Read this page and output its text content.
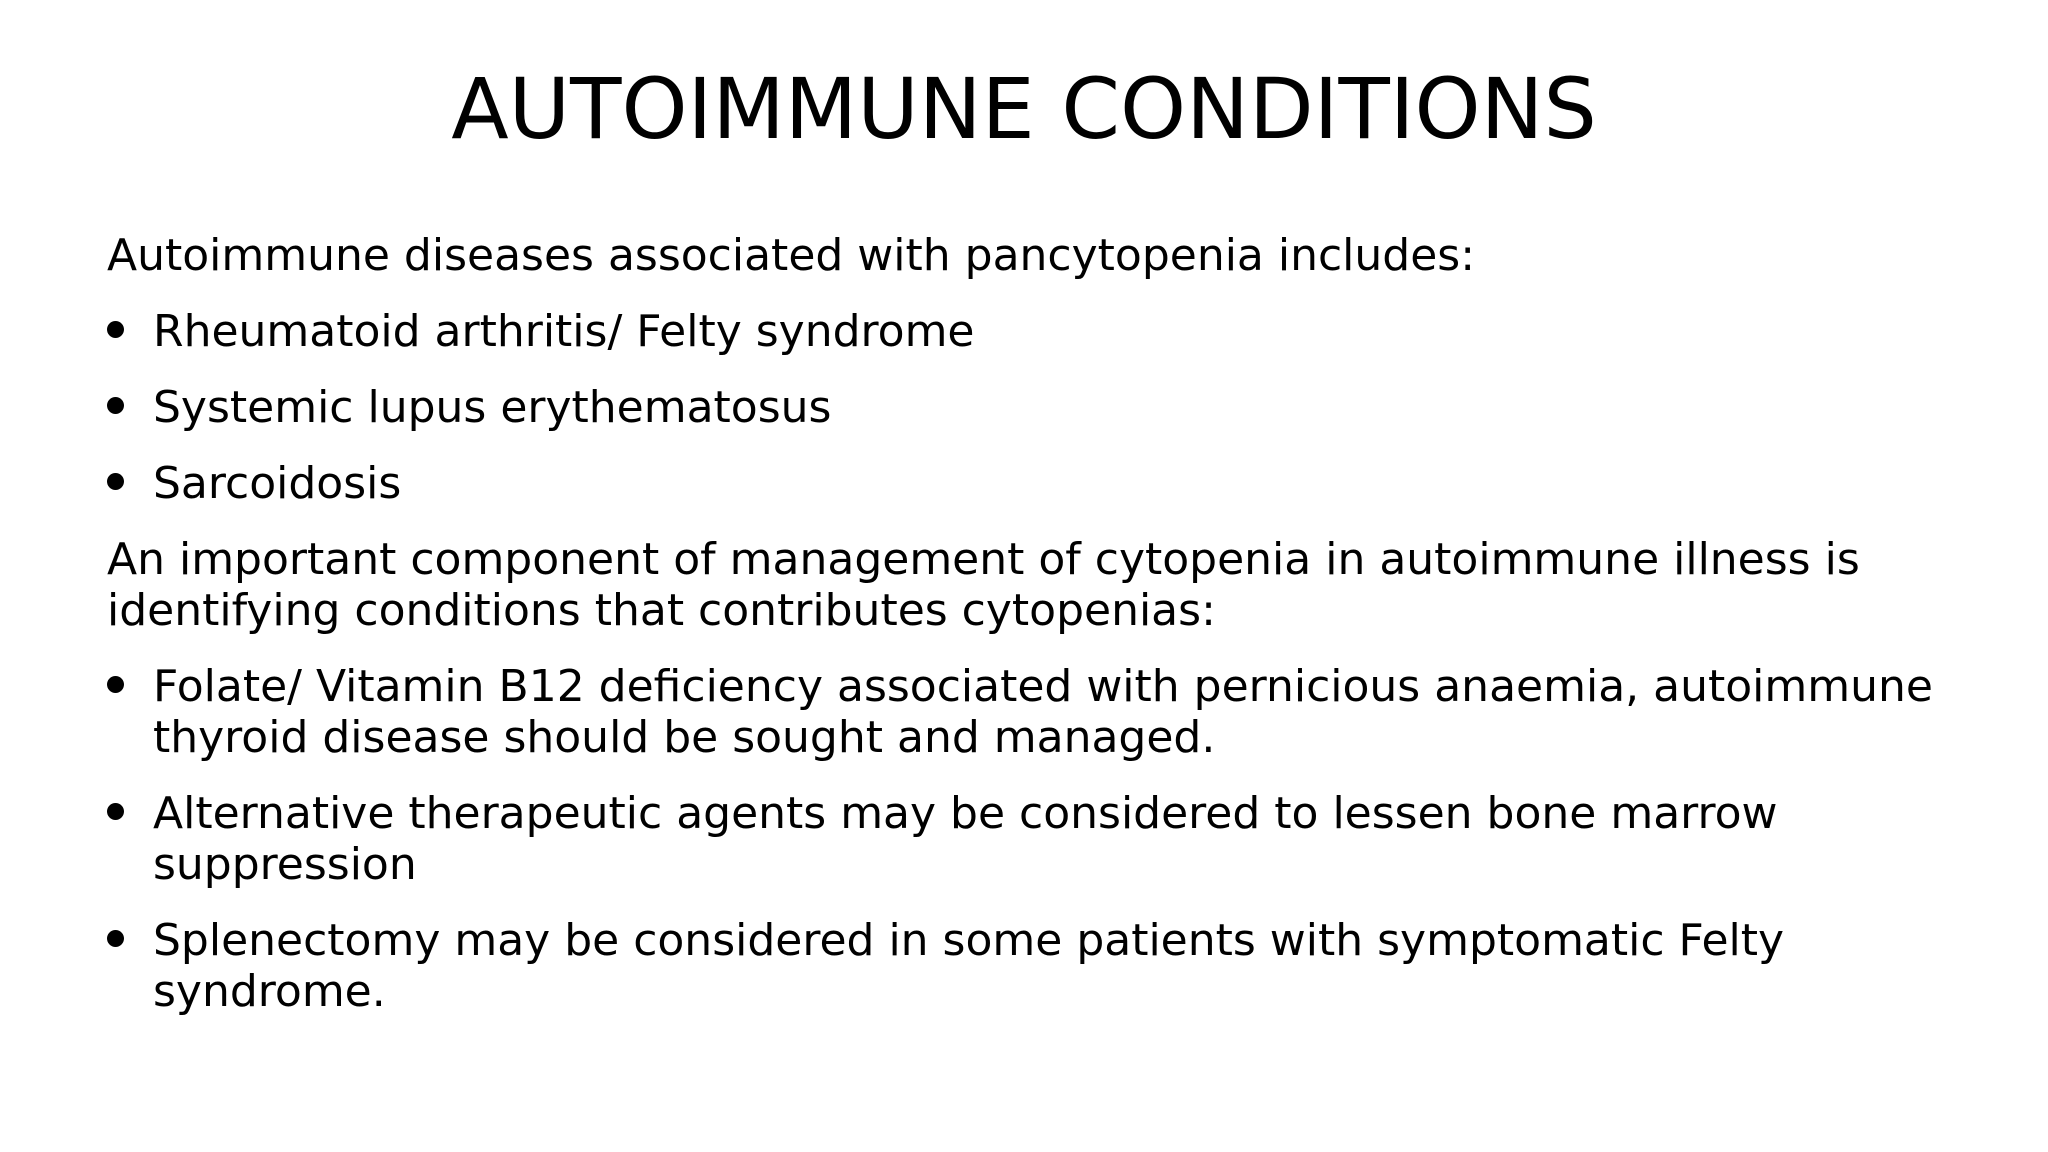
AUTOIMMUNE CONDITIONS

Autoimmune diseases associated with pancytopenia includes:

Rheumatoid arthritis/ Felty syndrome
Systemic lupus erythematosus
Sarcoidosis

An important component of management of cytopenia in autoimmune illness is identifying conditions that contributes cytopenias:

Folate/ Vitamin B12 deficiency associated with pernicious anaemia, autoimmune thyroid disease should be sought and managed.
Alternative therapeutic agents may be considered to lessen bone marrow suppression
Splenectomy may be considered in some patients with symptomatic Felty syndrome.
